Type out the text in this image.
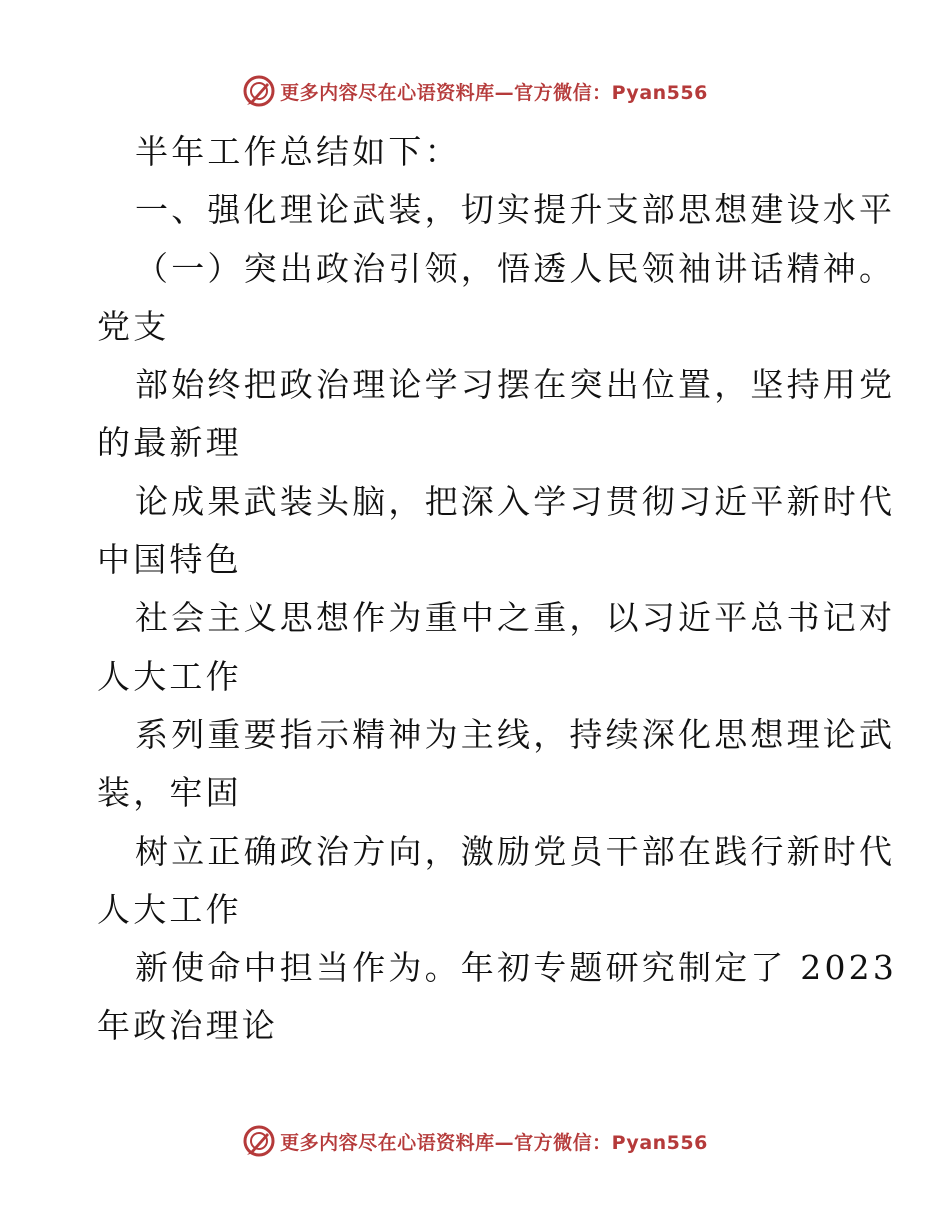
更多内容尽在心语资料库—官方微信：Pyan556
半年工作总结如下：
一、强化理论武装，切实提升支部思想建设水平
（一）突出政治引领，悟透人民领袖讲话精神。
党支
部始终把政治理论学习摆在突出位置，坚持用党
的最新理
论成果武装头脑，把深入学习贯彻习近平新时代
中国特色
社会主义思想作为重中之重，以习近平总书记对
人大工作
系列重要指示精神为主线，持续深化思想理论武
装，牢固
树立正确政治方向，激励党员干部在践行新时代
人大工作
新使命中担当作为。年初专题研究制定了 2023
年政治理论
更多内容尽在心语资料库—官方微信：Pyan556
